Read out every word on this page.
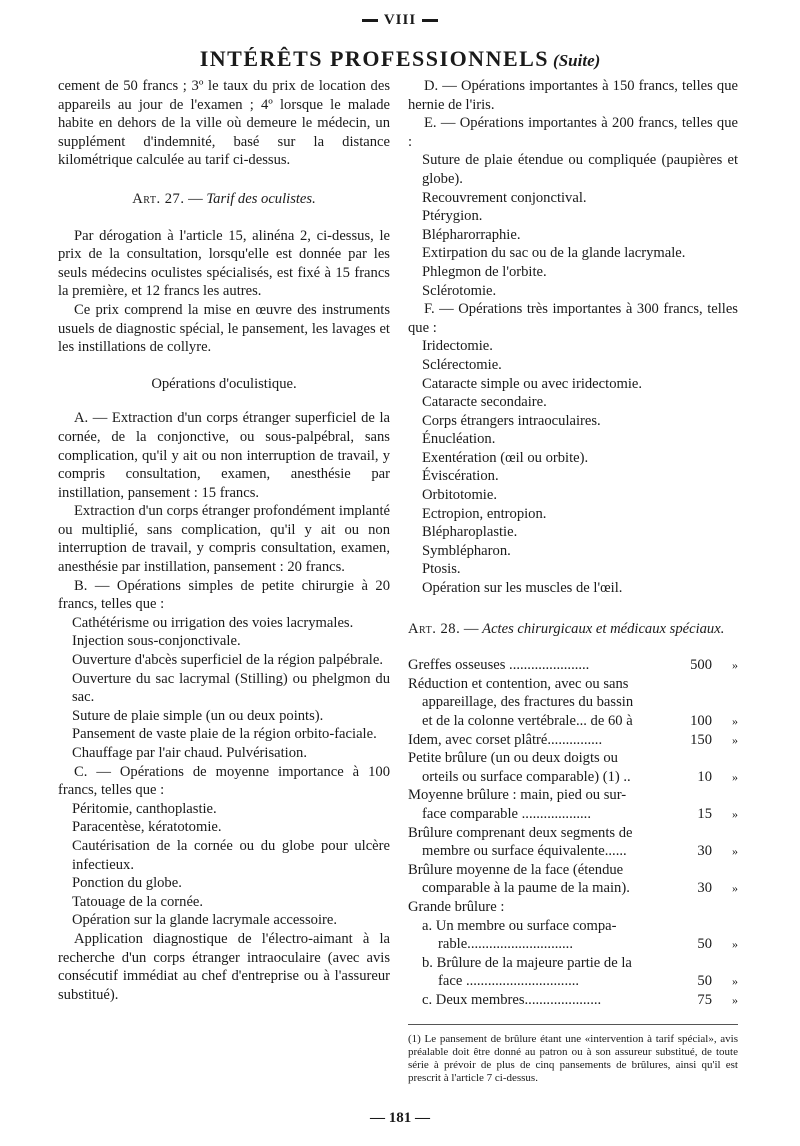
VIII
INTÉRÊTS PROFESSIONNELS (Suite)

cement de 50 francs ; 3º le taux du prix de location des appareils au jour de l'examen ; 4º lorsque le malade habite en dehors de la ville où demeure le médecin, un supplément d'indemnité, basé sur la distance kilométrique calculée au tarif ci-dessus.

Art. 27. — Tarif des oculistes.

Par dérogation à l'article 15, alinéna 2, ci-dessus, le prix de la consultation, lorsqu'elle est donnée par les seuls médecins oculistes spécialisés, est fixé à 15 francs la première, et 12 francs les autres.

Ce prix comprend la mise en œuvre des instruments usuels de diagnostic spécial, le pansement, les lavages et les instillations de collyre.

Opérations d'oculistique.

A. — Extraction d'un corps étranger superficiel de la cornée, de la conjonctive, ou sous-palpébral, sans complication, qu'il y ait ou non interruption de travail, y compris consultation, examen, anesthésie par instillation, pansement : 15 francs.

Extraction d'un corps étranger profondément implanté ou multiplié, sans complication, qu'il y ait ou non interruption de travail, y compris consultation, examen, anesthésie par instillation, pansement : 20 francs.

B. — Opérations simples de petite chirurgie à 20 francs, telles que :

Cathétérisme ou irrigation des voies lacrymales.

Injection sous-conjonctivale.

Ouverture d'abcès superficiel de la région palpébrale.

Ouverture du sac lacrymal (Stilling) ou phelgmon du sac.

Suture de plaie simple (un ou deux points).

Pansement de vaste plaie de la région orbito-faciale.

Chauffage par l'air chaud. Pulvérisation.

C. — Opérations de moyenne importance à 100 francs, telles que :

Péritomie, canthoplastie.

Paracentèse, kératotomie.

Cautérisation de la cornée ou du globe pour ulcère infectieux.

Ponction du globe.

Tatouage de la cornée.

Opération sur la glande lacrymale accessoire.

Application diagnostique de l'électro-aimant à la recherche d'un corps étranger intraoculaire (avec avis consécutif immédiat au chef d'entreprise ou à l'assureur substitué).

D. — Opérations importantes à 150 francs, telles que hernie de l'iris.

E. — Opérations importantes à 200 francs, telles que :

Suture de plaie étendue ou compliquée (paupières et globe).

Recouvrement conjonctival.

Ptérygion.

Blépharorraphie.

Extirpation du sac ou de la glande lacrymale.

Phlegmon de l'orbite.

Sclérotomie.

F. — Opérations très importantes à 300 francs, telles que :

Iridectomie.

Sclérectomie.

Cataracte simple ou avec iridectomie.

Cataracte secondaire.

Corps étrangers intraoculaires.

Énucléation.

Exentération (œil ou orbite).

Éviscération.

Orbitotomie.

Ectropion, entropion.

Blépharoplastie.

Symblépharon.

Ptosis.

Opération sur les muscles de l'œil.

Art. 28. — Actes chirurgicaux et médicaux spéciaux.

Greffes osseuses ......................	500	»
Réduction et contention, avec ou sans
appareillage, des fractures du bassin
et de la colonne vertébrale... de 60 à	100	»
Idem, avec corset plâtré...............	150	»
Petite brûlure (un ou deux doigts ou
orteils ou surface comparable) (1) ..	10	»
Moyenne brûlure : main, pied ou sur-
face comparable ...................	15	»
Brûlure comprenant deux segments de
membre ou surface équivalente......	30	»
Brûlure moyenne de la face (étendue
comparable à la paume de la main).	30	»
Grande brûlure :
a. Un membre ou surface compa-
rable.............................	50	»
b. Brûlure de la majeure partie de la
face ...............................	50	»
c. Deux membres.....................	75	»

(1) Le pansement de brûlure étant une «intervention à tarif spécial», avis préalable doit être donné au patron ou à son assureur substitué, de toute série à prévoir de plus de cinq pansements de brûlures, ainsi qu'il est prescrit à l'article 7 ci-dessus.

— 181 —
